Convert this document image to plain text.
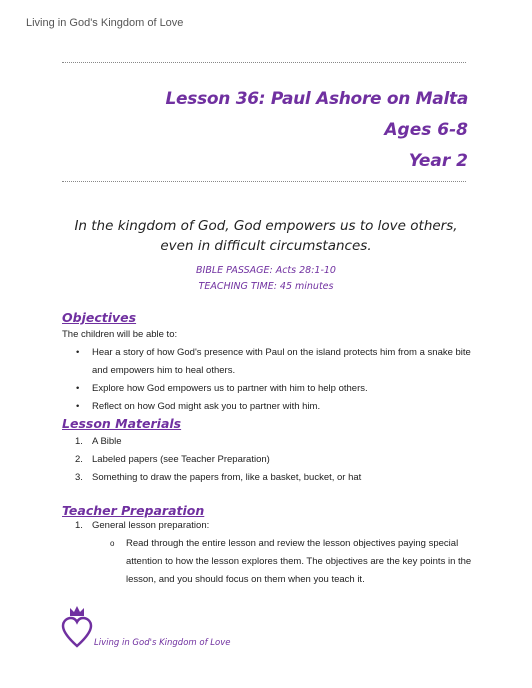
Living in God's Kingdom of Love
Lesson 36: Paul Ashore on Malta
Ages 6-8
Year 2
In the kingdom of God, God empowers us to love others, even in difficult circumstances.
BIBLE PASSAGE: Acts 28:1-10
TEACHING TIME: 45 minutes
Objectives
The children will be able to:
• Hear a story of how God's presence with Paul on the island protects him from a snake bite and empowers him to heal others.
• Explore how God empowers us to partner with him to help others.
• Reflect on how God might ask you to partner with him.
Lesson Materials
1. A Bible
2. Labeled papers (see Teacher Preparation)
3. Something to draw the papers from, like a basket, bucket, or hat
Teacher Preparation
1. General lesson preparation:
o Read through the entire lesson and review the lesson objectives paying special attention to how the lesson explores them. The objectives are the key points in the lesson, and you should focus on them when you teach it.
Living in God's Kingdom of Love
